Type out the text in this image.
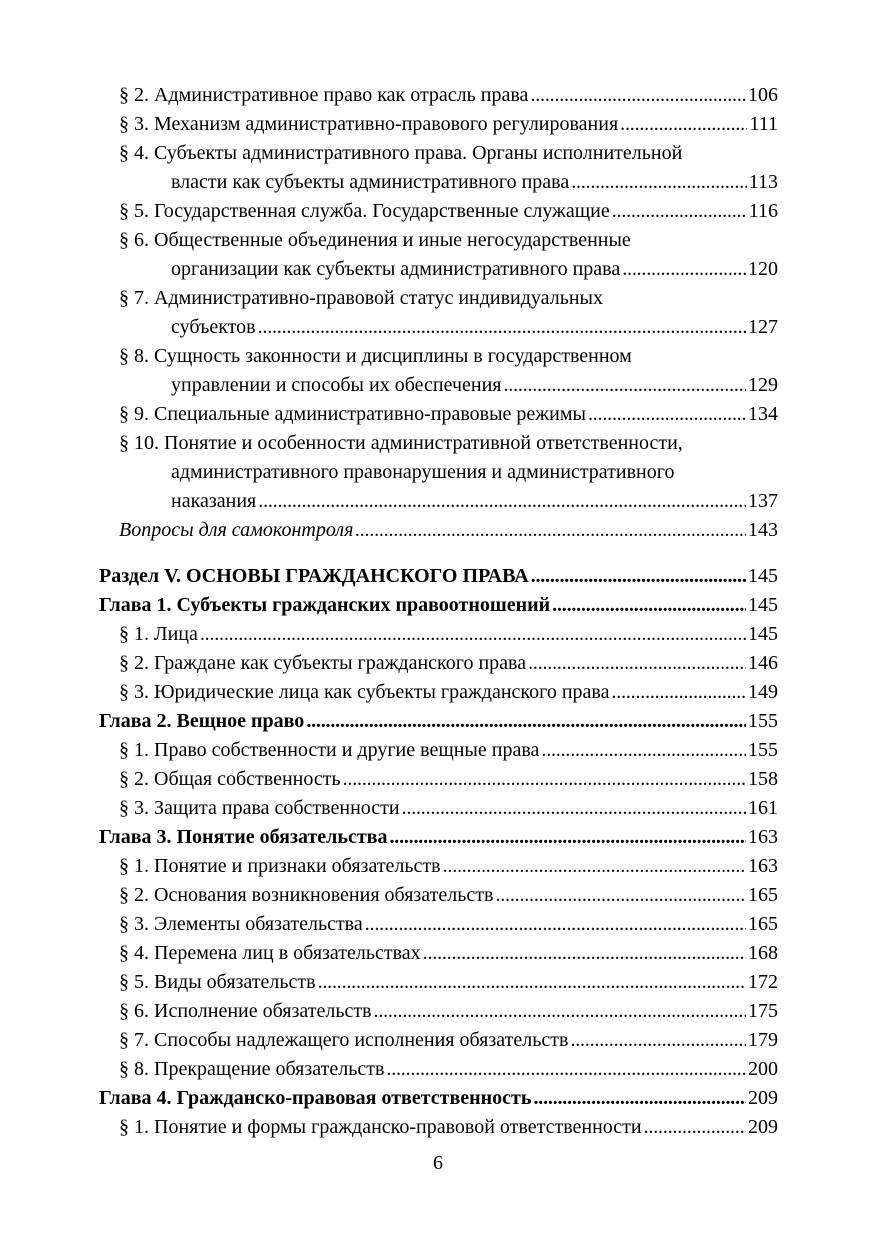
§ 2. Административное право как отрасль права . . .	106
§ 3. Механизм административно-правового регулирования . . .	111
§ 4. Субъекты административного права. Органы исполнительной
власти как субъекты административного права . . .	113
§ 5. Государственная служба. Государственные служащие . . .	116
§ 6. Общественные объединения и иные негосударственные
организации как субъекты административного права . . .	120
§ 7. Административно-правовой статус индивидуальных
субъектов . . .	127
§ 8. Сущность законности и дисциплины в государственном
управлении и способы их обеспечения . . .	129
§ 9. Специальные административно-правовые режимы . . .	134
§ 10. Понятие и особенности административной ответственности,
административного правонарушения и административного
наказания . . .	137
Вопросы для самоконтроля . . .	143
Раздел V. ОСНОВЫ ГРАЖДАНСКОГО ПРАВА . . .	145
Глава 1. Субъекты гражданских правоотношений . . .	145
§ 1. Лица . . .	145
§ 2. Граждане как субъекты гражданского права . . .	146
§ 3. Юридические лица как субъекты гражданского права . . .	149
Глава 2. Вещное право . . .	155
§ 1. Право собственности и другие вещные права . . .	155
§ 2. Общая собственность . . .	158
§ 3. Защита права собственности . . .	161
Глава 3. Понятие обязательства . . .	163
§ 1. Понятие и признаки обязательств . . .	163
§ 2. Основания возникновения обязательств . . .	165
§ 3. Элементы обязательства . . .	165
§ 4. Перемена лиц в обязательствах . . .	168
§ 5. Виды обязательств . . .	172
§ 6. Исполнение обязательств . . .	175
§ 7. Способы надлежащего исполнения обязательств . . .	179
§ 8. Прекращение обязательств . . .	200
Глава 4. Гражданско-правовая ответственность . . .	209
§ 1. Понятие и формы гражданско-правовой ответственности . . .	209
6
